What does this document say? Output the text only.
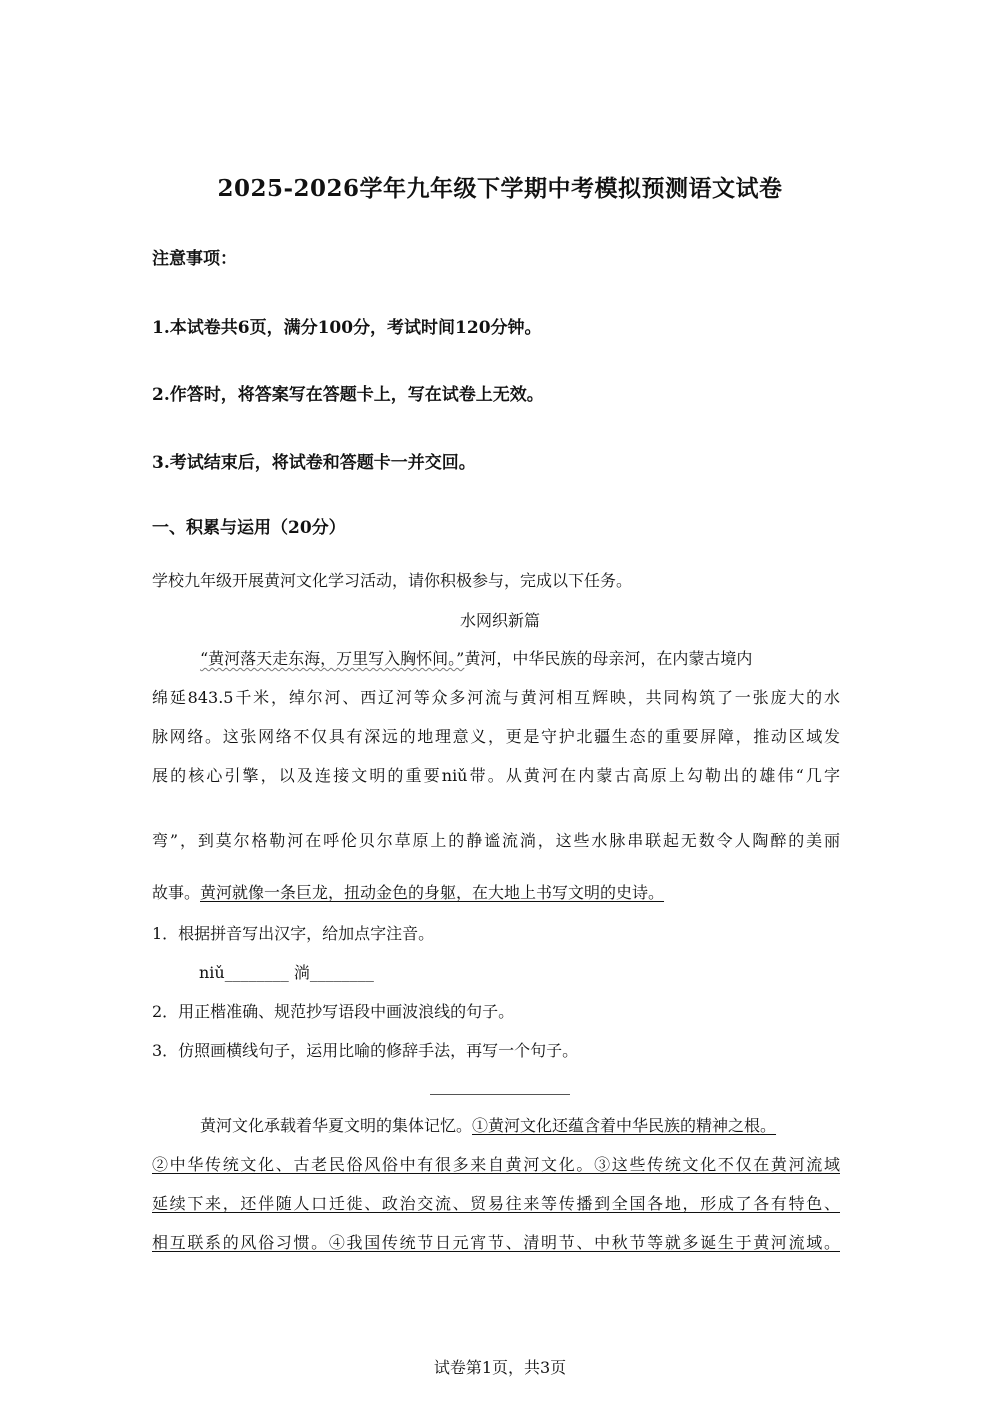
2025-2026学年九年级下学期中考模拟预测语文试卷
注意事项：
1.本试卷共6页，满分100分，考试时间120分钟。
2.作答时，将答案写在答题卡上，写在试卷上无效。
3.考试结束后，将试卷和答题卡一并交回。
一、积累与运用（20分）
学校九年级开展黄河文化学习活动，请你积极参与，完成以下任务。
水网织新篇
“黄河落天走东海，万里写入胸怀间。”黄河，中华民族的母亲河，在内蒙古境内
绵延843.5千米，绰尔河、西辽河等众多河流与黄河相互辉映，共同构筑了一张庞大的水
脉网络。这张网络不仅具有深远的地理意义，更是守护北疆生态的重要屏障，推动区域发
展的核心引擎，以及连接文明的重要niǔ带。从黄河在内蒙古高原上勾勒出的雄伟“几字
弯”，到莫尔格勒河在呼伦贝尔草原上的静谧流淌，这些水脉串联起无数令人陶醉的美丽
故事。黄河就像一条巨龙，扭动金色的身躯，在大地上书写文明的史诗。
1．根据拼音写出汉字，给加点字注音。
niǔ________ 淌________
2．用正楷准确、规范抄写语段中画波浪线的句子。
3．仿照画横线句子，运用比喻的修辞手法，再写一个句子。
黄河文化承载着华夏文明的集体记忆。①黄河文化还蕴含着中华民族的精神之根。
②中华传统文化、古老民俗风俗中有很多来自黄河文化。③这些传统文化不仅在黄河流域
延续下来，还伴随人口迁徙、政治交流、贸易往来等传播到全国各地，形成了各有特色、
相互联系的风俗习惯。④我国传统节日元宵节、清明节、中秋节等就多诞生于黄河流域。
试卷第1页，共3页
